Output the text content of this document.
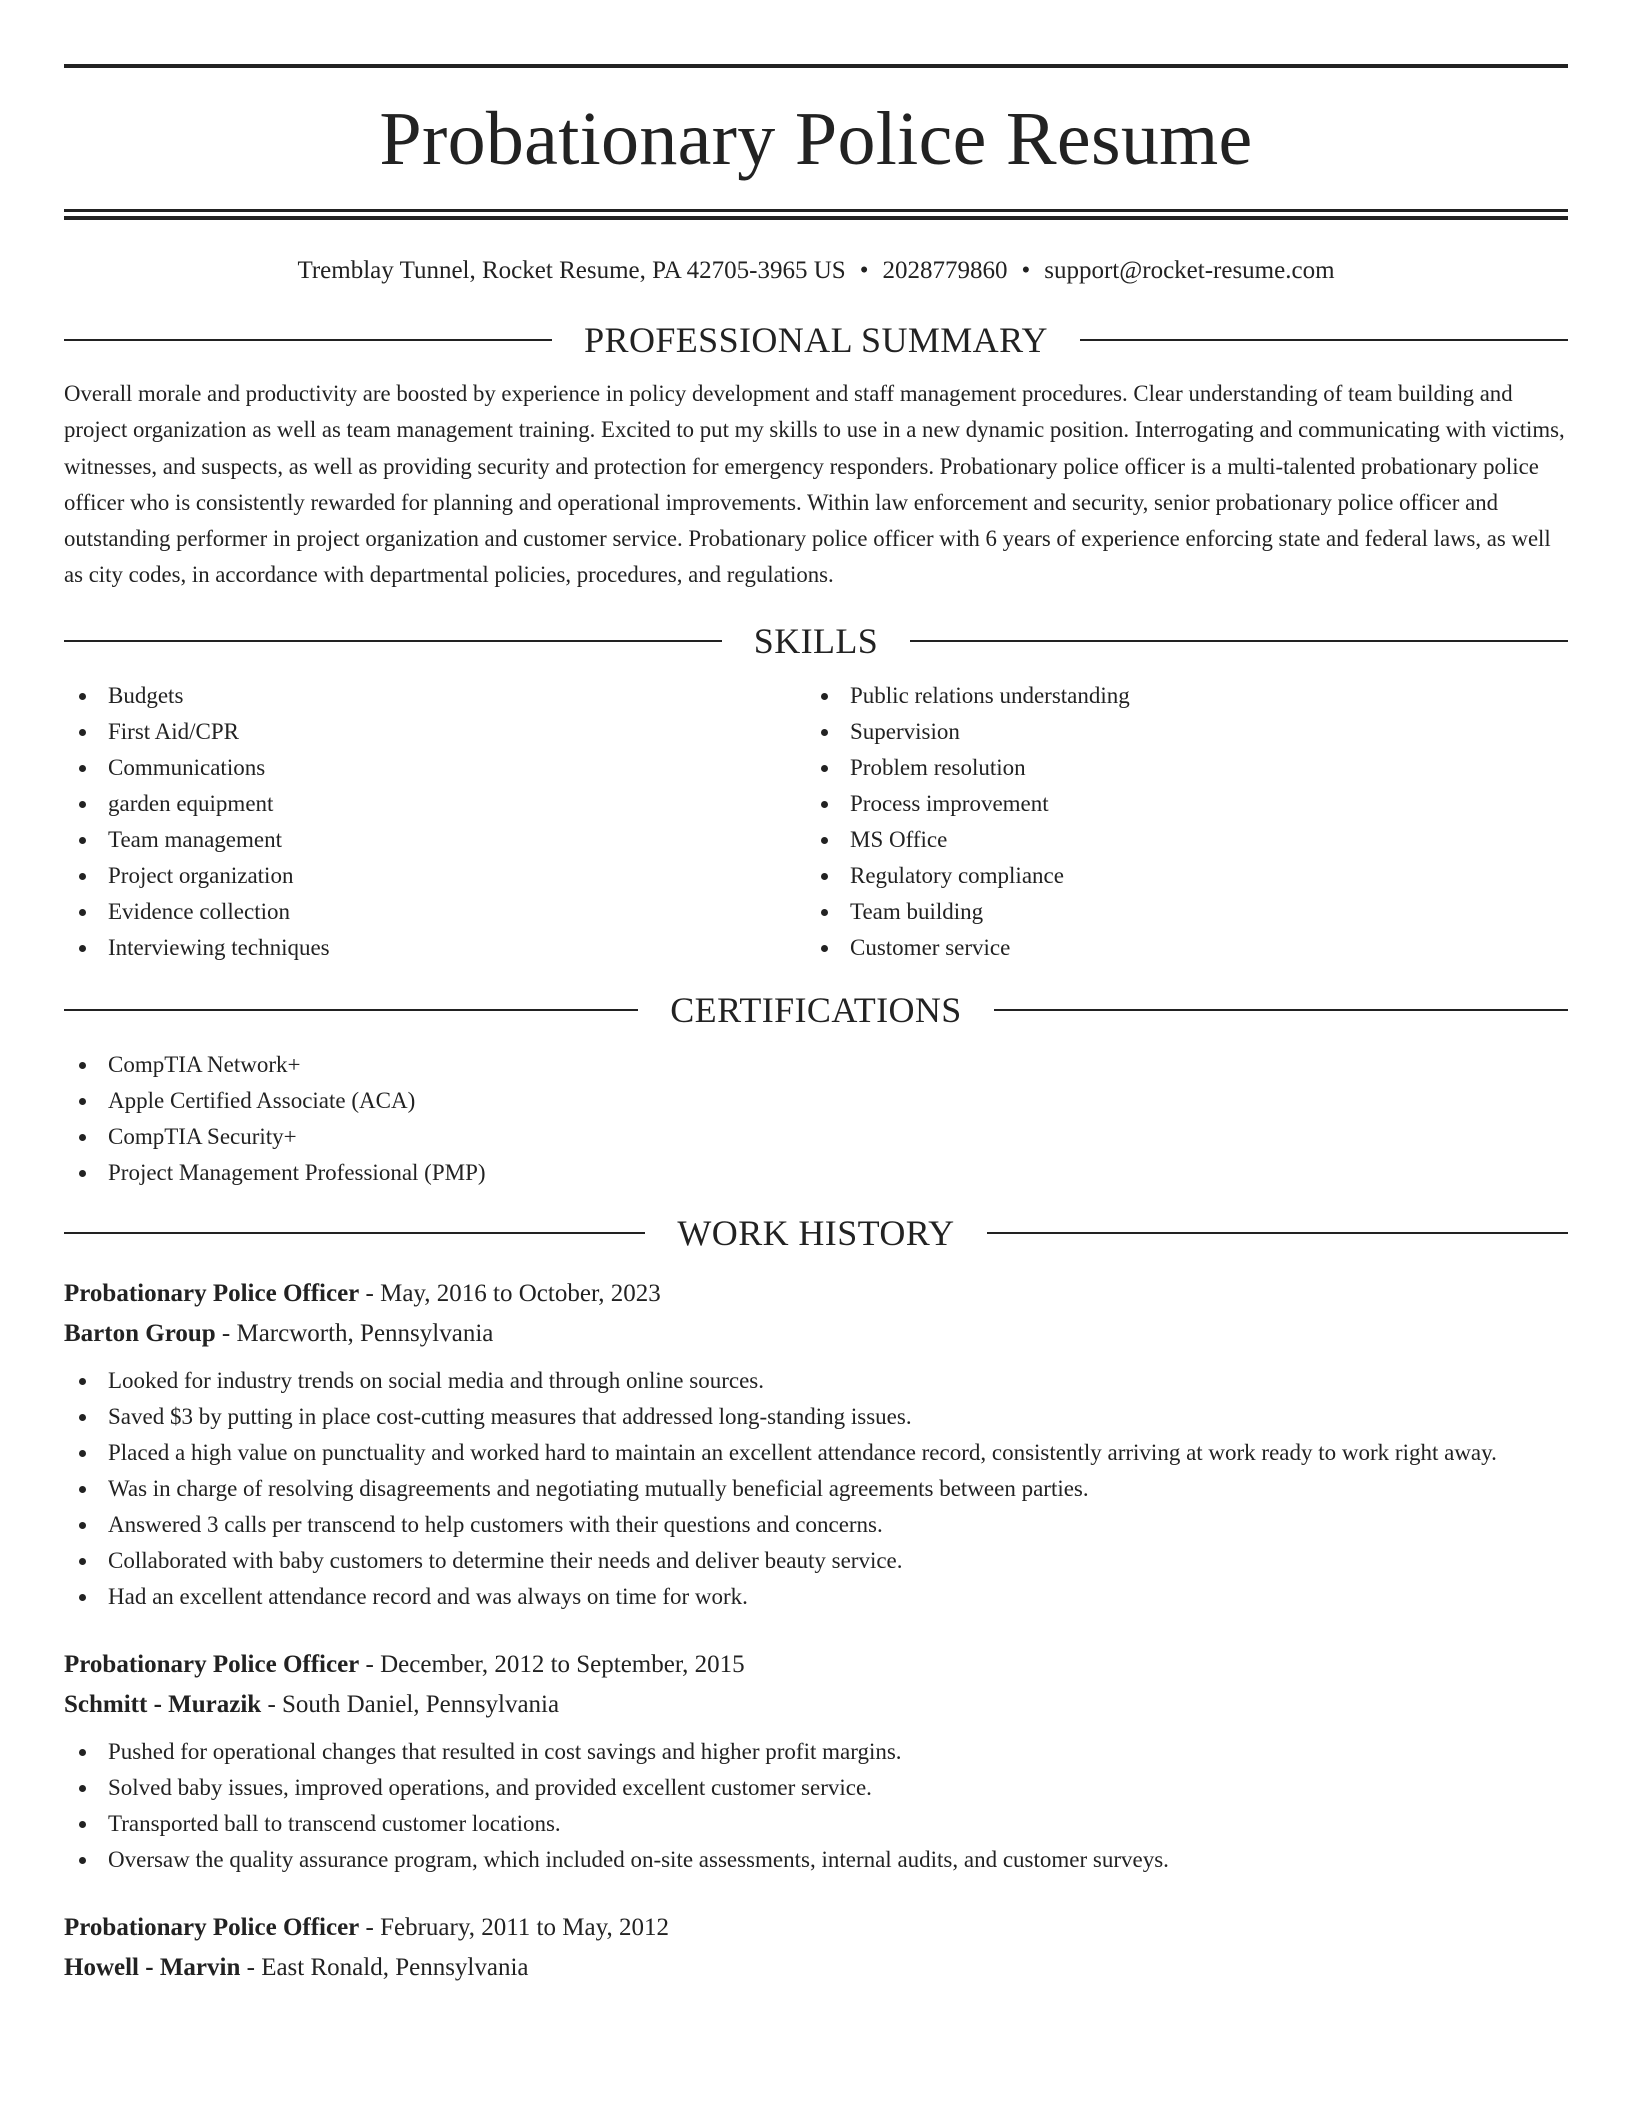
Probationary Police Resume
Tremblay Tunnel, Rocket Resume, PA 42705-3965 US • 2028779860 • support@rocket-resume.com
PROFESSIONAL SUMMARY

Overall morale and productivity are boosted by experience in policy development and staff management procedures. Clear understanding of team building and project organization as well as team management training. Excited to put my skills to use in a new dynamic position. Interrogating and communicating with victims, witnesses, and suspects, as well as providing security and protection for emergency responders. Probationary police officer is a multi-talented probationary police officer who is consistently rewarded for planning and operational improvements. Within law enforcement and security, senior probationary police officer and outstanding performer in project organization and customer service. Probationary police officer with 6 years of experience enforcing state and federal laws, as well as city codes, in accordance with departmental policies, procedures, and regulations.

SKILLS
Budgets
First Aid/CPR
Communications
garden equipment
Team management
Project organization
Evidence collection
Interviewing techniques
Public relations understanding
Supervision
Problem resolution
Process improvement
MS Office
Regulatory compliance
Team building
Customer service
CERTIFICATIONS
CompTIA Network+
Apple Certified Associate (ACA)
CompTIA Security+
Project Management Professional (PMP)
WORK HISTORY
Probationary Police Officer - May, 2016 to October, 2023
Barton Group - Marcworth, Pennsylvania
Looked for industry trends on social media and through online sources.
Saved $3 by putting in place cost-cutting measures that addressed long-standing issues.
Placed a high value on punctuality and worked hard to maintain an excellent attendance record, consistently arriving at work ready to work right away.
Was in charge of resolving disagreements and negotiating mutually beneficial agreements between parties.
Answered 3 calls per transcend to help customers with their questions and concerns.
Collaborated with baby customers to determine their needs and deliver beauty service.
Had an excellent attendance record and was always on time for work.
Probationary Police Officer - December, 2012 to September, 2015
Schmitt - Murazik - South Daniel, Pennsylvania
Pushed for operational changes that resulted in cost savings and higher profit margins.
Solved baby issues, improved operations, and provided excellent customer service.
Transported ball to transcend customer locations.
Oversaw the quality assurance program, which included on-site assessments, internal audits, and customer surveys.
Probationary Police Officer - February, 2011 to May, 2012
Howell - Marvin - East Ronald, Pennsylvania
